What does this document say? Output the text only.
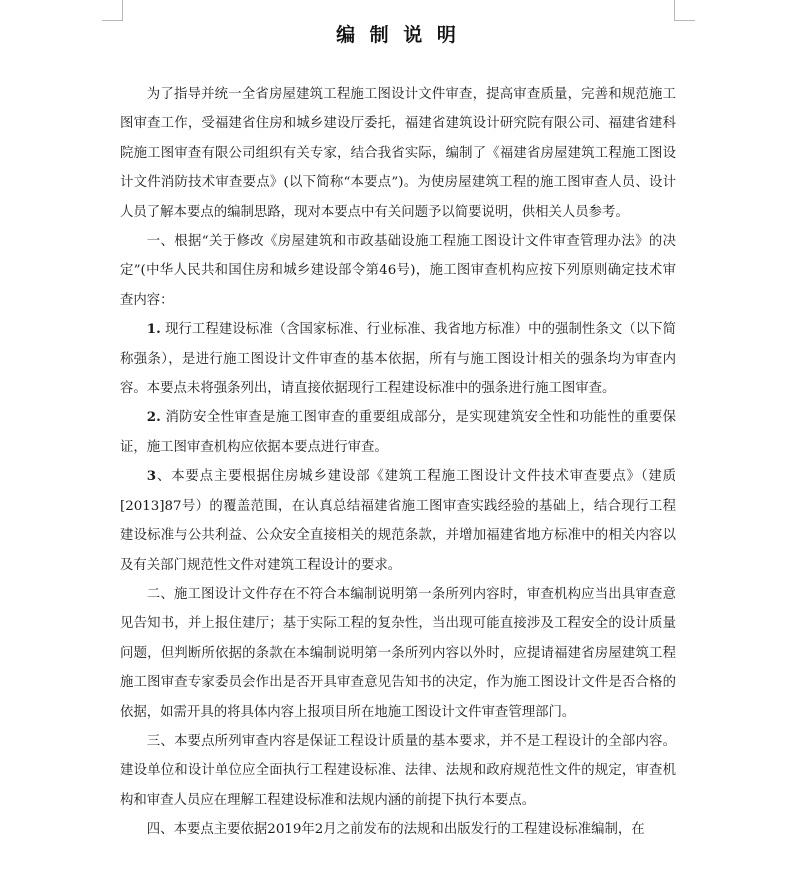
编 制 说 明

为了指导并统一全省房屋建筑工程施工图设计文件审查，提高审查质量，完善和规范施工图审查工作，受福建省住房和城乡建设厅委托，福建省建筑设计研究院有限公司、福建省建科院施工图审查有限公司组织有关专家，结合我省实际，编制了《福建省房屋建筑工程施工图设计文件消防技术审查要点》(以下简称“本要点”)。为使房屋建筑工程的施工图审查人员、设计人员了解本要点的编制思路，现对本要点中有关问题予以简要说明，供相关人员参考。

一、根据“关于修改《房屋建筑和市政基础设施工程施工图设计文件审查管理办法》的决定”(中华人民共和国住房和城乡建设部令第46号)，施工图审查机构应按下列原则确定技术审查内容：

1. 现行工程建设标准（含国家标准、行业标准、我省地方标准）中的强制性条文（以下简称强条），是进行施工图设计文件审查的基本依据，所有与施工图设计相关的强条均为审查内容。本要点未将强条列出，请直接依据现行工程建设标准中的强条进行施工图审查。

2. 消防安全性审查是施工图审查的重要组成部分，是实现建筑安全性和功能性的重要保证，施工图审查机构应依据本要点进行审查。

3、本要点主要根据住房城乡建设部《建筑工程施工图设计文件技术审查要点》（建质[2013]87号）的覆盖范围，在认真总结福建省施工图审查实践经验的基础上，结合现行工程建设标准与公共利益、公众安全直接相关的规范条款，并增加福建省地方标准中的相关内容以及有关部门规范性文件对建筑工程设计的要求。

二、施工图设计文件存在不符合本编制说明第一条所列内容时，审查机构应当出具审查意见告知书，并上报住建厅；基于实际工程的复杂性，当出现可能直接涉及工程安全的设计质量问题，但判断所依据的条款在本编制说明第一条所列内容以外时，应提请福建省房屋建筑工程施工图审查专家委员会作出是否开具审查意见告知书的决定，作为施工图设计文件是否合格的依据，如需开具的将具体内容上报项目所在地施工图设计文件审查管理部门。

三、本要点所列审查内容是保证工程设计质量的基本要求，并不是工程设计的全部内容。建设单位和设计单位应全面执行工程建设标准、法律、法规和政府规范性文件的规定，审查机构和审查人员应在理解工程建设标准和法规内涵的前提下执行本要点。

四、本要点主要依据2019年2月之前发布的法规和出版发行的工程建设标准编制，在
